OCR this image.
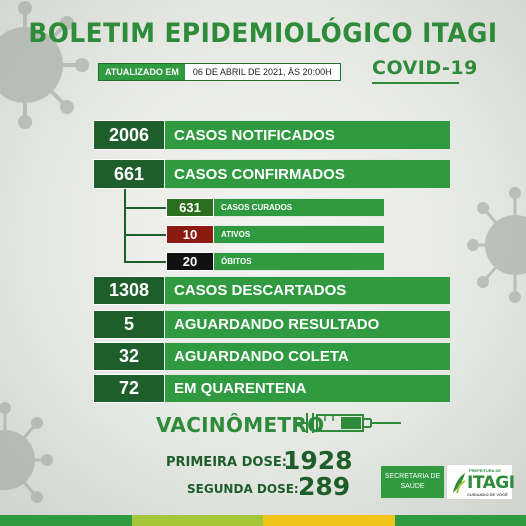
BOLETIM EPIDEMIOLÓGICO ITAGI
ATUALIZADO EM	06 DE ABRIL DE 2021, ÀS 20:00H	COVID-19
2006	CASOS NOTIFICADOS
661	CASOS CONFIRMADOS
631	CASOS CURADOS
10	ATIVOS
20	ÓBITOS
1308	CASOS DESCARTADOS
5	AGUARDANDO RESULTADO
32	AGUARDANDO COLETA
72	EM QUARENTENA
VACINÔMETRO
PRIMEIRA DOSE:
1928
SEGUNDA DOSE: 289	SECRETARIA DE
SAÚDE
PREFEITURA DE
ITAGI
CUIDANDO DE VOCÊ
